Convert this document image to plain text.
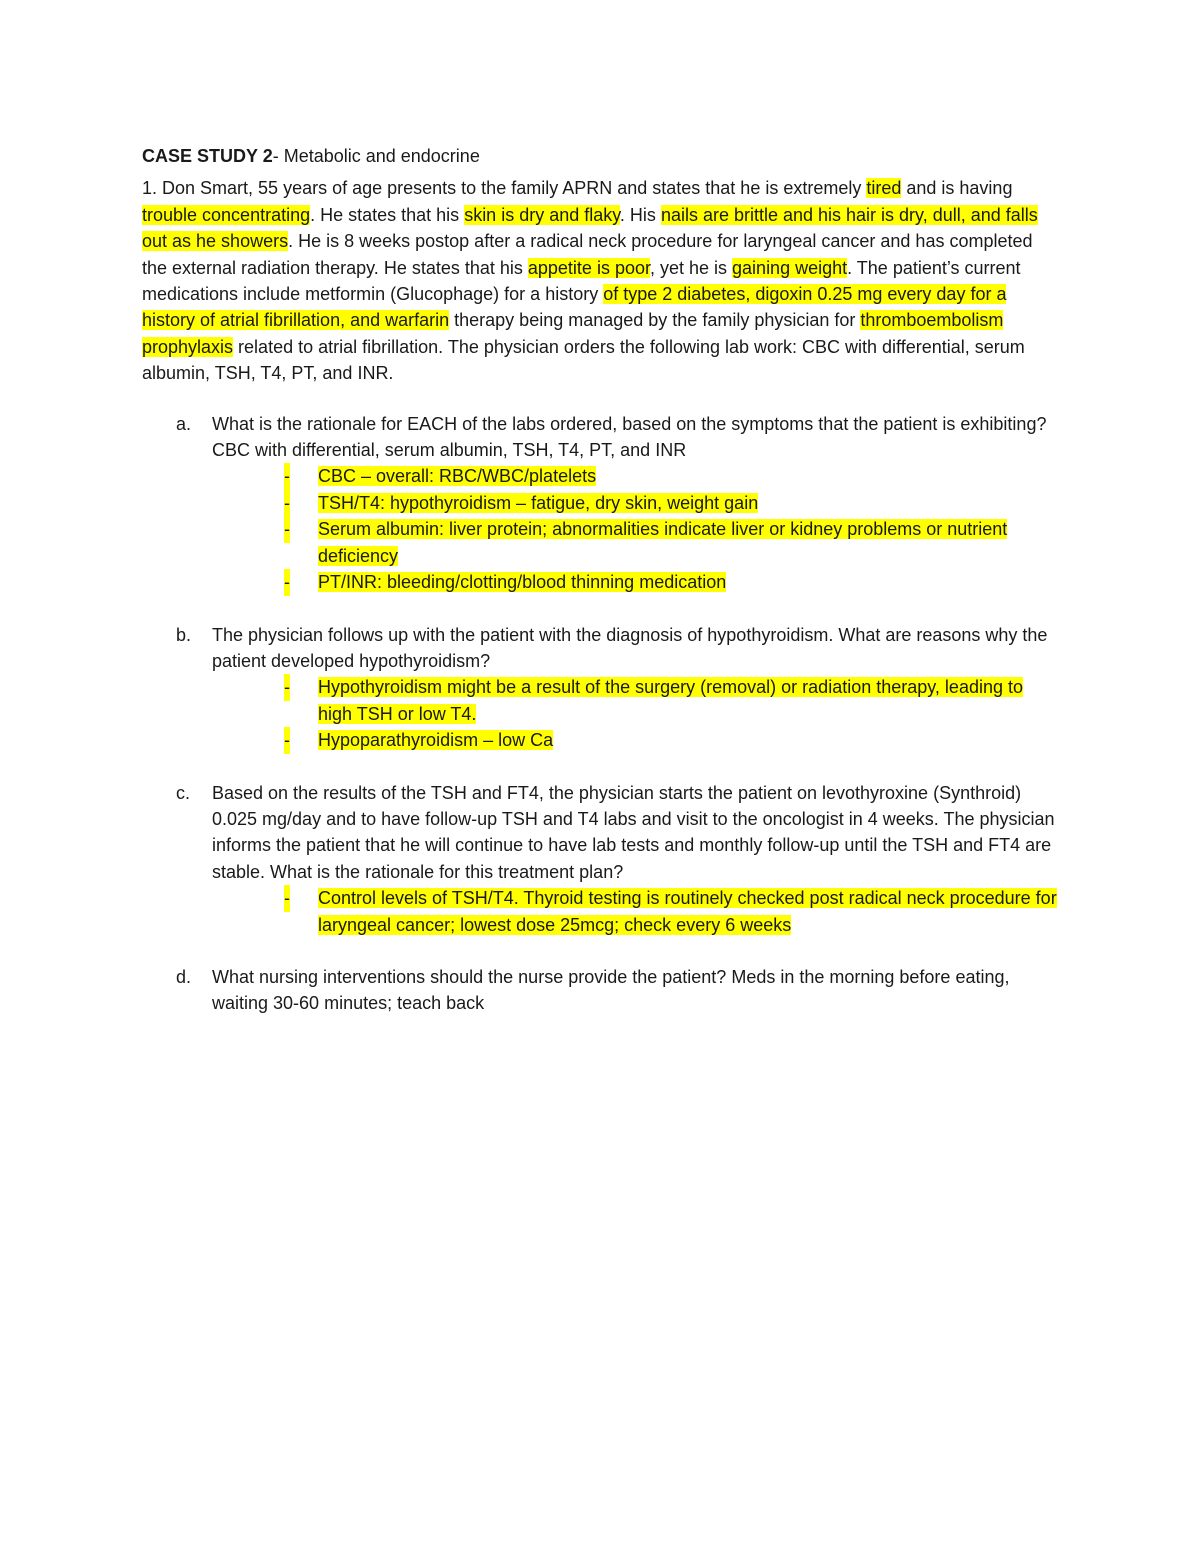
CASE STUDY 2- Metabolic and endocrine

1. Don Smart, 55 years of age presents to the family APRN and states that he is extremely tired and is having trouble concentrating. He states that his skin is dry and flaky. His nails are brittle and his hair is dry, dull, and falls out as he showers. He is 8 weeks postop after a radical neck procedure for laryngeal cancer and has completed the external radiation therapy. He states that his appetite is poor, yet he is gaining weight. The patient’s current medications include metformin (Glucophage) for a history of type 2 diabetes, digoxin 0.25 mg every day for a history of atrial fibrillation, and warfarin therapy being managed by the family physician for thromboembolism prophylaxis related to atrial fibrillation. The physician orders the following lab work: CBC with differential, serum albumin, TSH, T4, PT, and INR.

a. What is the rationale for EACH of the labs ordered, based on the symptoms that the patient is exhibiting? CBC with differential, serum albumin, TSH, T4, PT, and INR
- CBC – overall: RBC/WBC/platelets
- TSH/T4: hypothyroidism – fatigue, dry skin, weight gain
- Serum albumin: liver protein; abnormalities indicate liver or kidney problems or nutrient deficiency
- PT/INR: bleeding/clotting/blood thinning medication
b. The physician follows up with the patient with the diagnosis of hypothyroidism. What are reasons why the patient developed hypothyroidism?
- Hypothyroidism might be a result of the surgery (removal) or radiation therapy, leading to high TSH or low T4.
- Hypoparathyroidism – low Ca
c. Based on the results of the TSH and FT4, the physician starts the patient on levothyroxine (Synthroid) 0.025 mg/day and to have follow-up TSH and T4 labs and visit to the oncologist in 4 weeks. The physician informs the patient that he will continue to have lab tests and monthly follow-up until the TSH and FT4 are stable. What is the rationale for this treatment plan?
- Control levels of TSH/T4. Thyroid testing is routinely checked post radical neck procedure for laryngeal cancer; lowest dose 25mcg; check every 6 weeks
d. What nursing interventions should the nurse provide the patient? Meds in the morning before eating, waiting 30-60 minutes; teach back
